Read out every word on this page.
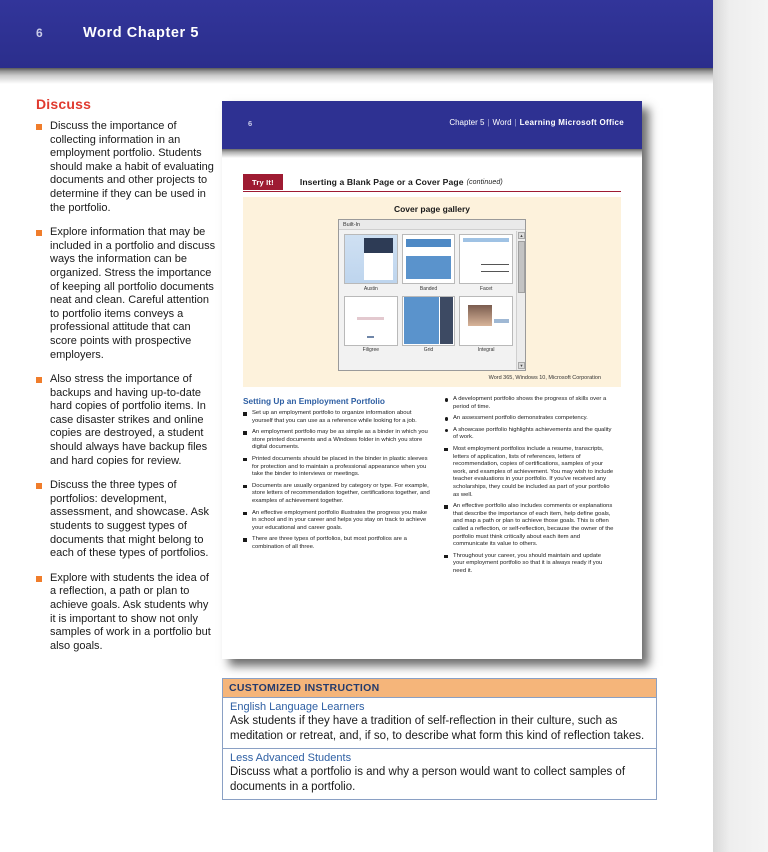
6	Word Chapter 5
Discuss
Discuss the importance of collecting information in an employment portfolio. Students should make a habit of evaluating documents and other projects to determine if they can be used in the portfolio.
Explore information that may be included in a portfolio and discuss ways the information can be organized. Stress the importance of keeping all portfolio documents neat and clean. Careful attention to portfolio items conveys a professional attitude that can score points with prospective employers.
Also stress the importance of backups and having up-to-date hard copies of portfolio items. In case disaster strikes and online copies are destroyed, a student should always have backup files and hard copies for review.
Discuss the three types of portfolios: development, assessment, and showcase. Ask students to suggest types of documents that might belong to each of these types of portfolios.
Explore with students the idea of a reflection, a path or plan to achieve goals. Ask students why it is important to show not only samples of work in a portfolio but also goals.
6	Chapter 5 | Word | Learning Microsoft Office
Try It!	Inserting a Blank Page or a Cover Page (continued)
Cover page gallery
Built-In
Austin	Banded	Facet
Filigree	Grid	Integral
▲
▼
Word 365, Windows 10, Microsoft Corporation
Setting Up an Employment Portfolio
Set up an employment portfolio to organize information about yourself that you can use as a reference while looking for a job.
An employment portfolio may be as simple as a binder in which you store printed documents and a Windows folder in which you store digital documents.
Printed documents should be placed in the binder in plastic sleeves for protection and to maintain a professional appearance when you take the binder to interviews or meetings.
Documents are usually organized by category or type. For example, store letters of recommendation together, certifications together, and examples of achievement together.
An effective employment portfolio illustrates the progress you make in school and in your career and helps you stay on track to achieve your educational and career goals.
There are three types of portfolios, but most portfolios are a combination of all three.
A development portfolio shows the progress of skills over a period of time.
An assessment portfolio demonstrates competency.
A showcase portfolio highlights achievements and the quality of work.
Most employment portfolios include a resume, transcripts, letters of application, lists of references, letters of recommendation, copies of certifications, samples of your work, and examples of achievement. You may wish to include teacher evaluations in your portfolio. If you've received any scholarships, they could be included as part of your portfolio as well.
An effective portfolio also includes comments or explanations that describe the importance of each item, help define goals, and map a path or plan to achieve those goals. This is often called a reflection, or self-reflection, because the owner of the portfolio must think critically about each item and communicate its value to others.
Throughout your career, you should maintain and update your employment portfolio so that it is always ready if you need it.
CUSTOMIZED INSTRUCTION
English Language Learners
Ask students if they have a tradition of self-reflection in their culture, such as meditation or retreat, and, if so, to describe what form this kind of reflection takes.
Less Advanced Students
Discuss what a portfolio is and why a person would want to collect samples of documents in a portfolio.
